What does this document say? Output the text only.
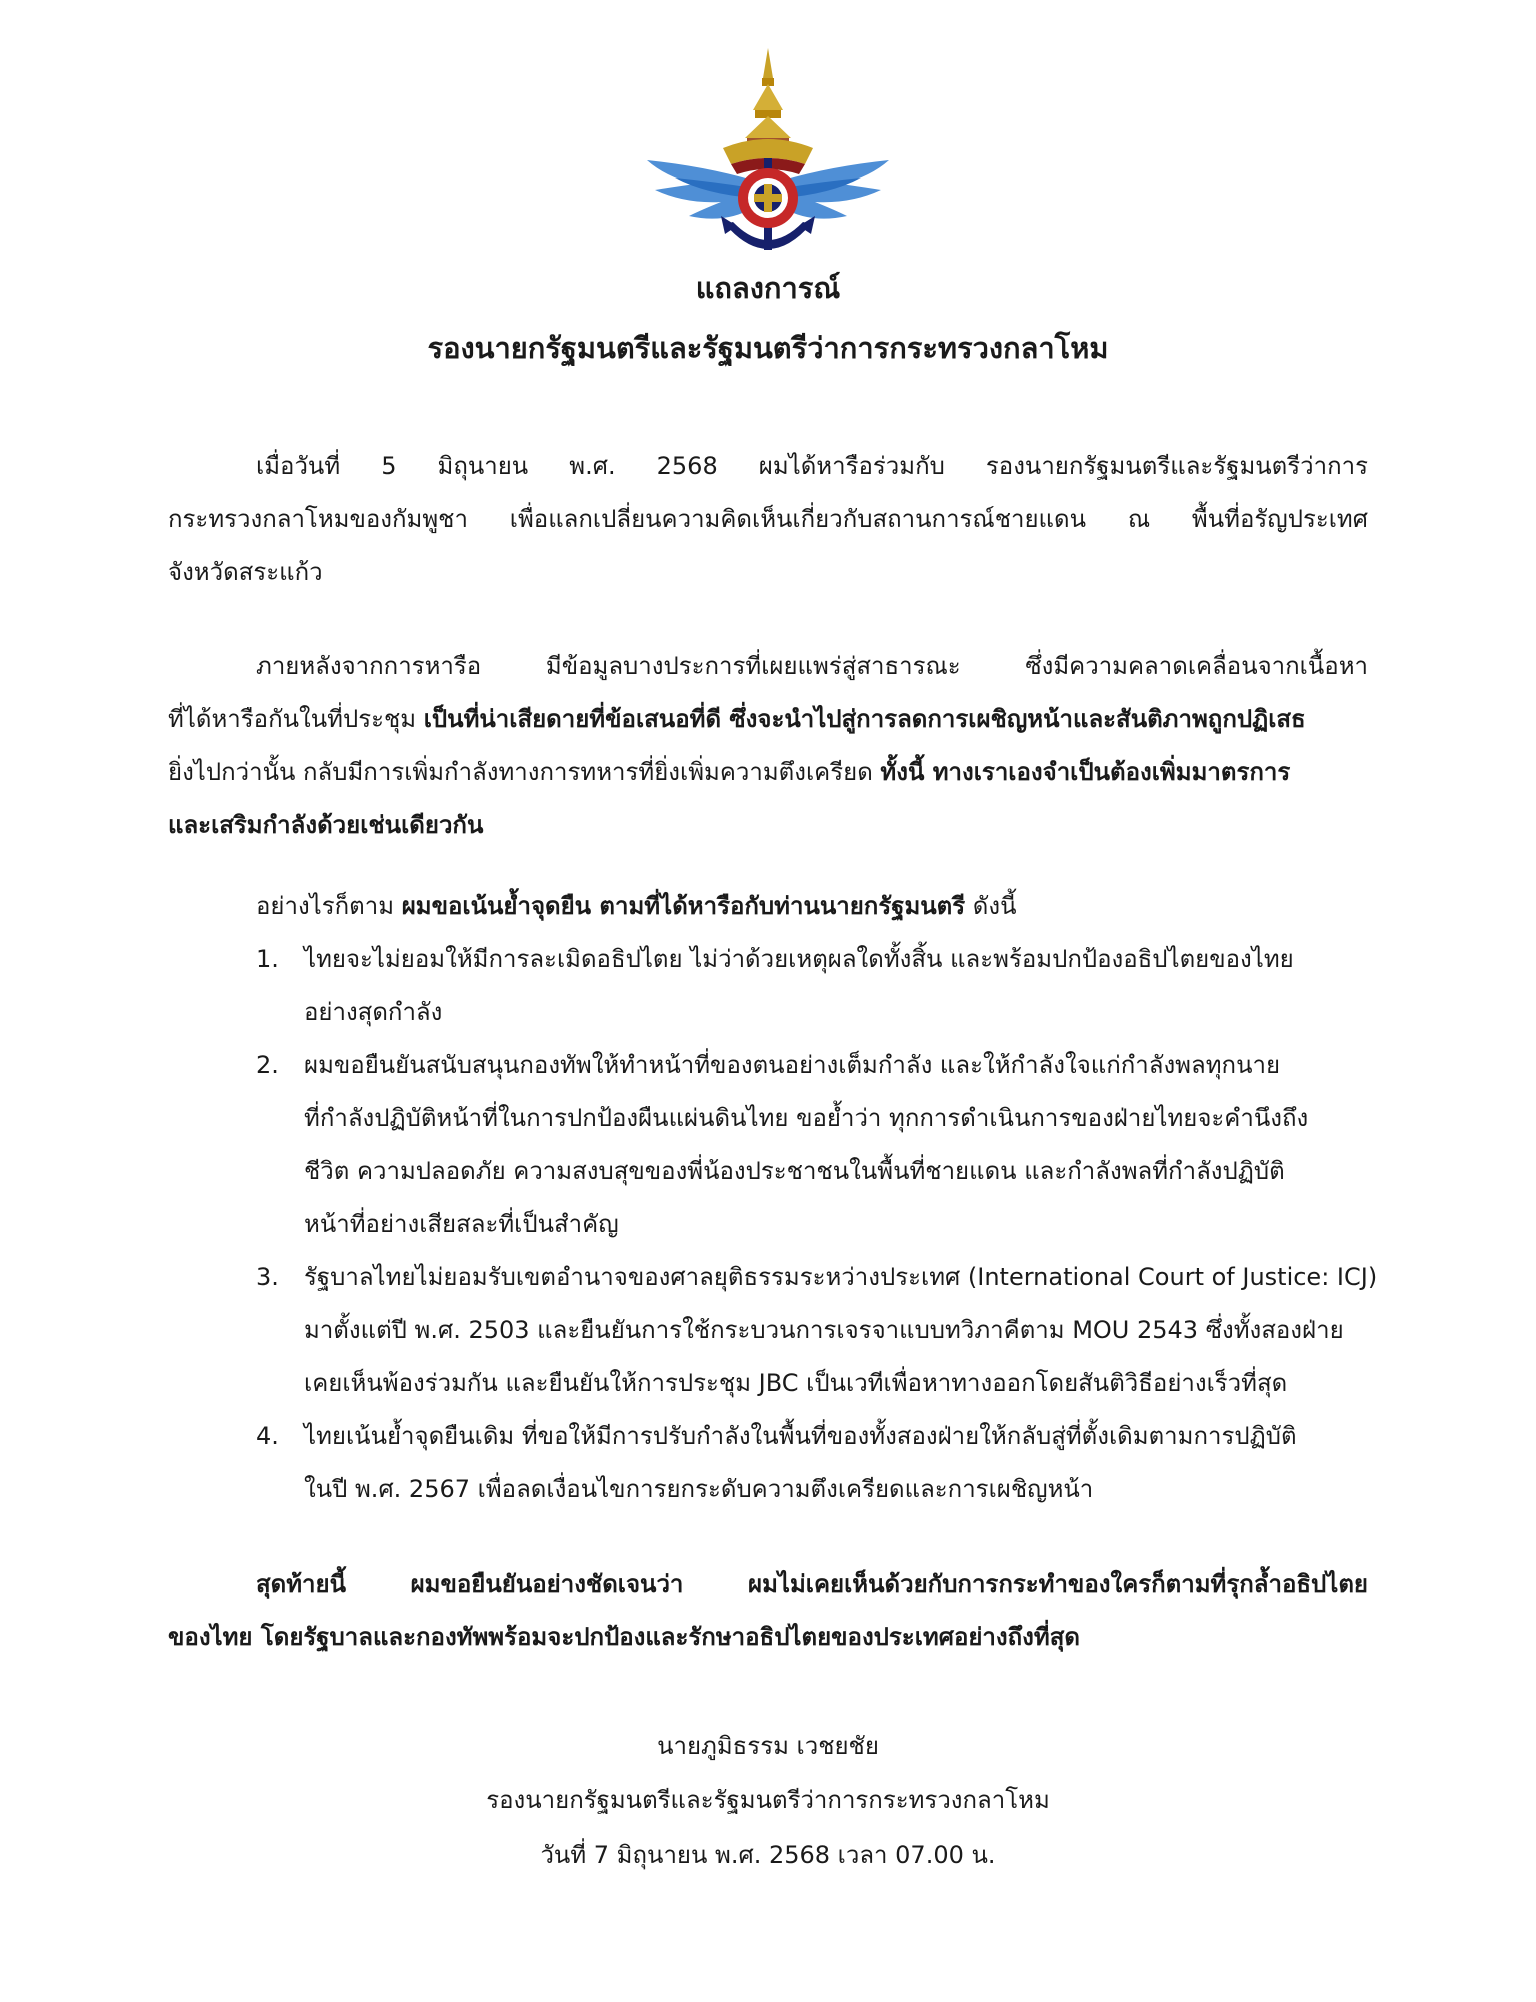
แถลงการณ์
รองนายกรัฐมนตรีและรัฐมนตรีว่าการกระทรวงกลาโหม
เมื่อวันที่ 5 มิถุนายน พ.ศ. 2568 ผมได้หารือร่วมกับ รองนายกรัฐมนตรีและรัฐมนตรีว่าการ
กระทรวงกลาโหมของกัมพูชา เพื่อแลกเปลี่ยนความคิดเห็นเกี่ยวกับสถานการณ์ชายแดน ณ พื้นที่อรัญประเทศ
จังหวัดสระแก้ว
ภายหลังจากการหารือ มีข้อมูลบางประการที่เผยแพร่สู่สาธารณะ ซึ่งมีความคลาดเคลื่อนจากเนื้อหา
ที่ได้หารือกันในที่ประชุม เป็นที่น่าเสียดายที่ข้อเสนอที่ดี ซึ่งจะนำไปสู่การลดการเผชิญหน้าและสันติภาพถูกปฏิเสธ
ยิ่งไปกว่านั้น กลับมีการเพิ่มกำลังทางการทหารที่ยิ่งเพิ่มความตึงเครียด ทั้งนี้ ทางเราเองจำเป็นต้องเพิ่มมาตรการ
และเสริมกำลังด้วยเช่นเดียวกัน
อย่างไรก็ตาม ผมขอเน้นย้ำจุดยืน ตามที่ได้หารือกับท่านนายกรัฐมนตรี ดังนี้
1. ไทยจะไม่ยอมให้มีการละเมิดอธิปไตย ไม่ว่าด้วยเหตุผลใดทั้งสิ้น และพร้อมปกป้องอธิปไตยของไทย
อย่างสุดกำลัง
2. ผมขอยืนยันสนับสนุนกองทัพให้ทำหน้าที่ของตนอย่างเต็มกำลัง และให้กำลังใจแก่กำลังพลทุกนาย
ที่กำลังปฏิบัติหน้าที่ในการปกป้องผืนแผ่นดินไทย ขอย้ำว่า ทุกการดำเนินการของฝ่ายไทยจะคำนึงถึง
ชีวิต ความปลอดภัย ความสงบสุขของพี่น้องประชาชนในพื้นที่ชายแดน และกำลังพลที่กำลังปฏิบัติ
หน้าที่อย่างเสียสละที่เป็นสำคัญ
3. รัฐบาลไทยไม่ยอมรับเขตอำนาจของศาลยุติธรรมระหว่างประเทศ (International Court of Justice: ICJ)
มาตั้งแต่ปี พ.ศ. 2503 และยืนยันการใช้กระบวนการเจรจาแบบทวิภาคีตาม MOU 2543 ซึ่งทั้งสองฝ่าย
เคยเห็นพ้องร่วมกัน และยืนยันให้การประชุม JBC เป็นเวทีเพื่อหาทางออกโดยสันติวิธีอย่างเร็วที่สุด
4. ไทยเน้นย้ำจุดยืนเดิม ที่ขอให้มีการปรับกำลังในพื้นที่ของทั้งสองฝ่ายให้กลับสู่ที่ตั้งเดิมตามการปฏิบัติ
ในปี พ.ศ. 2567 เพื่อลดเงื่อนไขการยกระดับความตึงเครียดและการเผชิญหน้า
สุดท้ายนี้ ผมขอยืนยันอย่างชัดเจนว่า ผมไม่เคยเห็นด้วยกับการกระทำของใครก็ตามที่รุกล้ำอธิปไตย
ของไทย โดยรัฐบาลและกองทัพพร้อมจะปกป้องและรักษาอธิปไตยของประเทศอย่างถึงที่สุด
นายภูมิธรรม เวชยชัย
รองนายกรัฐมนตรีและรัฐมนตรีว่าการกระทรวงกลาโหม
วันที่ 7 มิถุนายน พ.ศ. 2568 เวลา 07.00 น.
